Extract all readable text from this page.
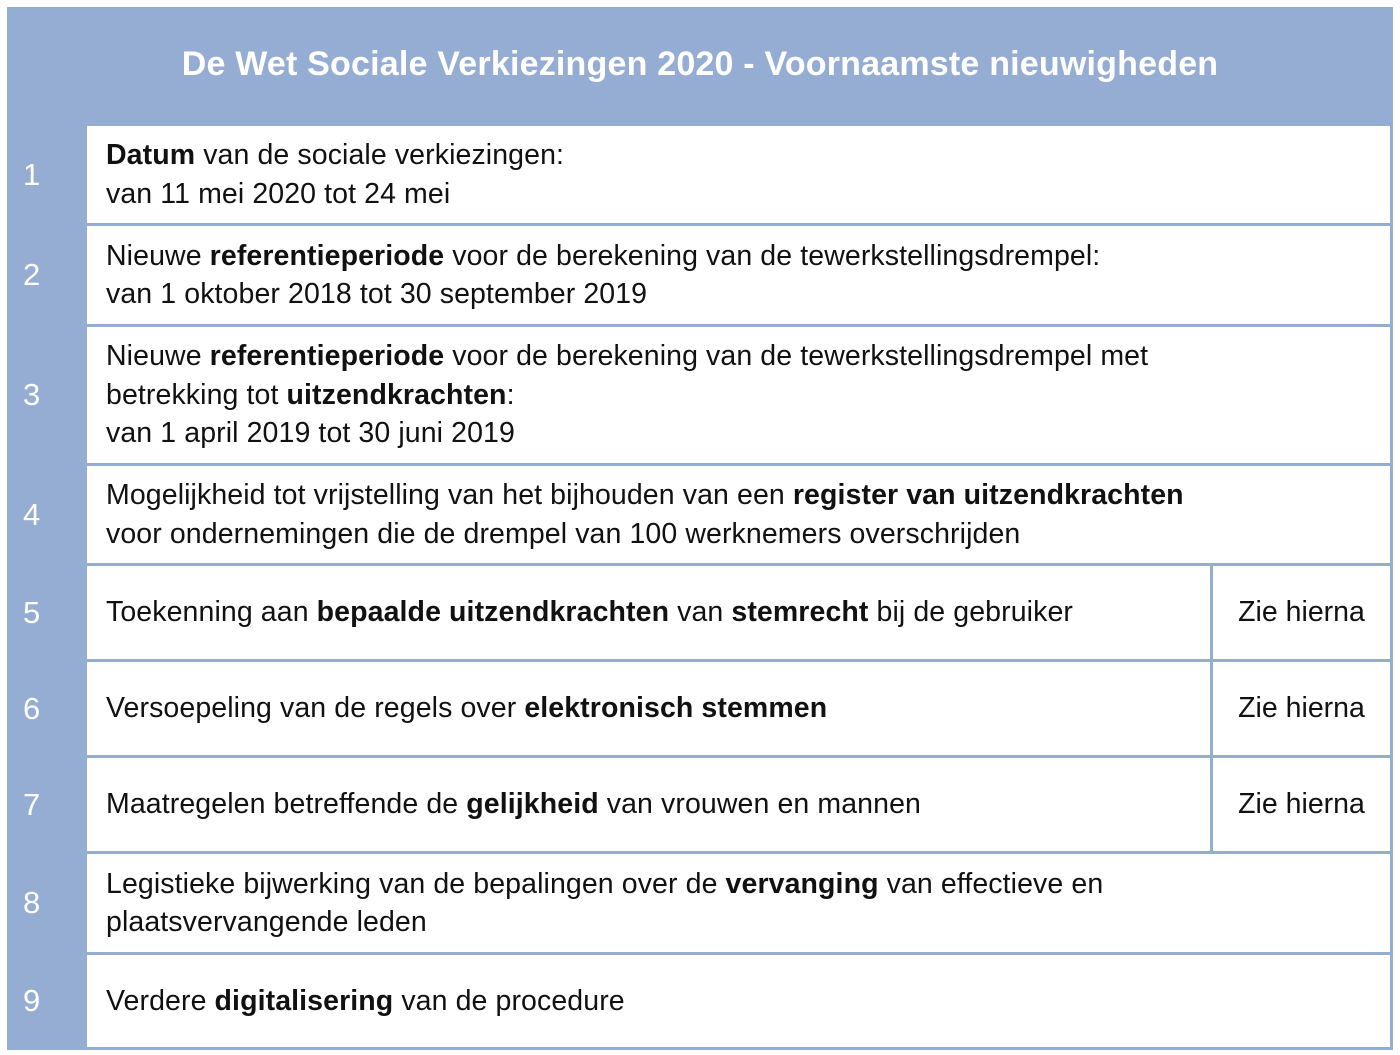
De Wet Sociale Verkiezingen 2020 - Voornaamste nieuwigheden
1
Datum van de sociale verkiezingen:
van 11 mei 2020 tot 24 mei
2
Nieuwe referentieperiode voor de berekening van de tewerkstellingsdrempel:
van 1 oktober 2018 tot 30 september 2019
3
Nieuwe referentieperiode voor de berekening van de tewerkstellingsdrempel met
betrekking tot uitzendkrachten:
van 1 april 2019 tot 30 juni 2019
4
Mogelijkheid tot vrijstelling van het bijhouden van een register van uitzendkrachten
voor ondernemingen die de drempel van 100 werknemers overschrijden
5	Toekenning aan bepaalde uitzendkrachten van stemrecht bij de gebruiker	Zie hierna
6	Versoepeling van de regels over elektronisch stemmen	Zie hierna
7	Maatregelen betreffende de gelijkheid van vrouwen en mannen	Zie hierna
8
Legistieke bijwerking van de bepalingen over de vervanging van effectieve en
plaatsvervangende leden
9	Verdere digitalisering van de procedure
